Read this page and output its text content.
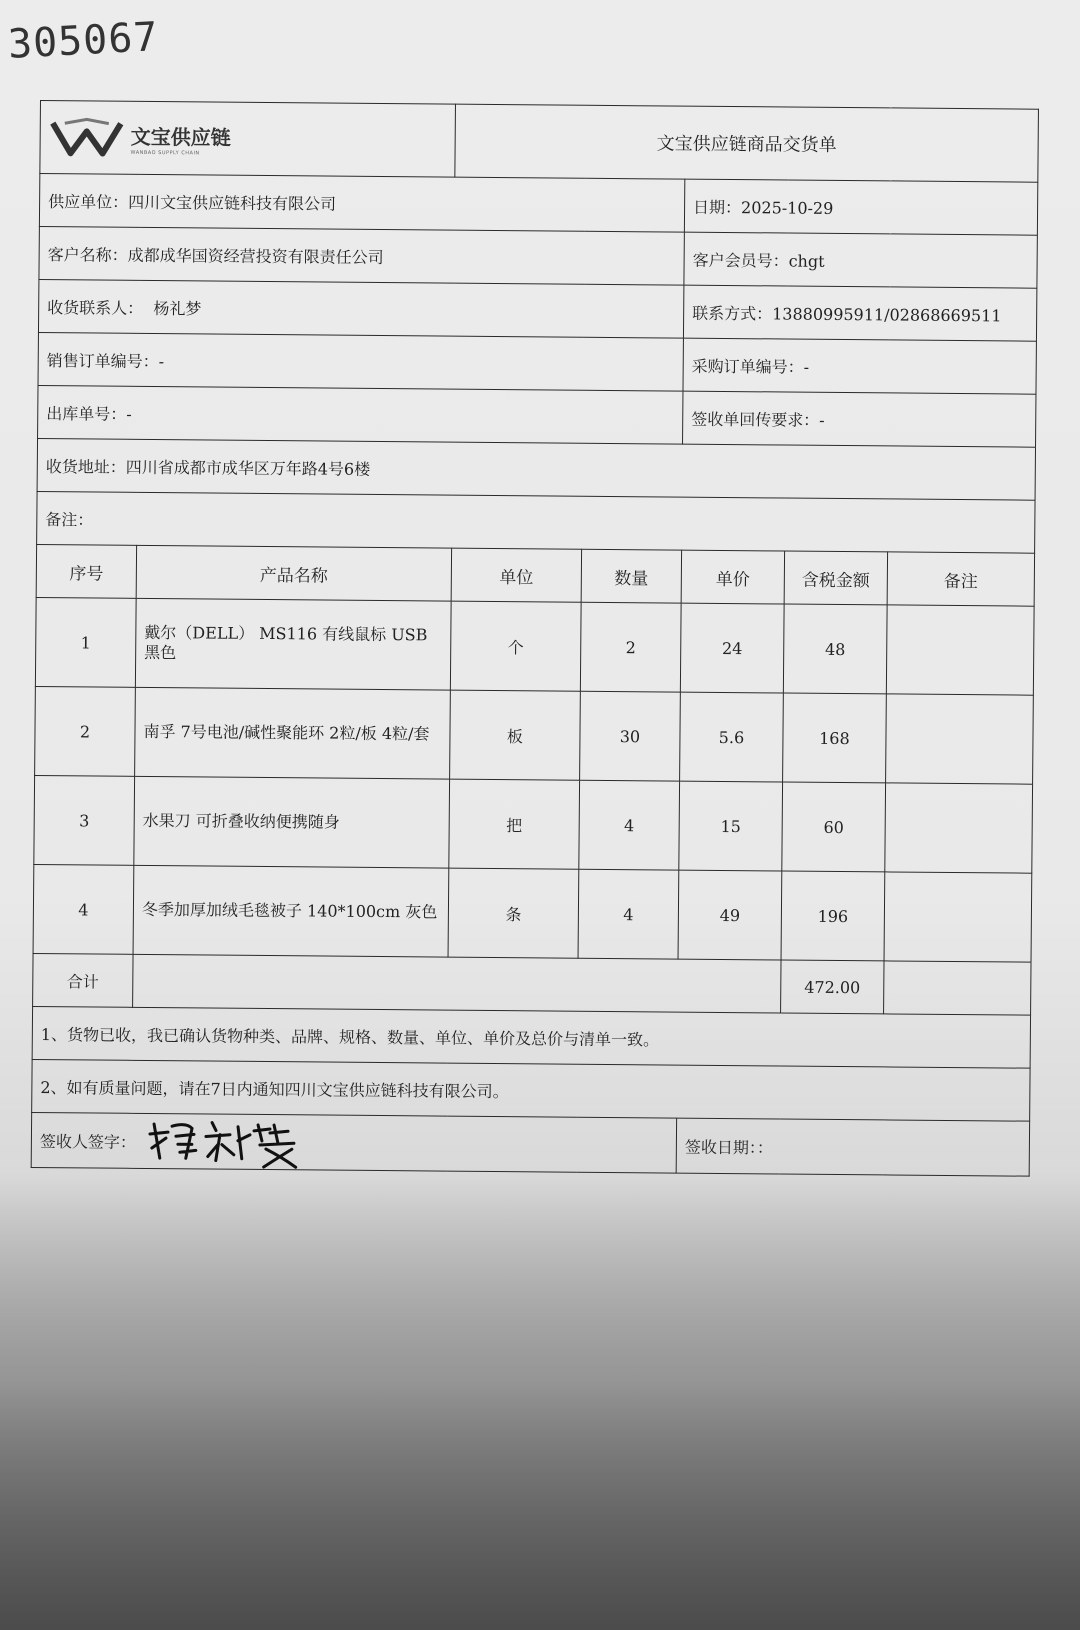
305067
文宝供应链
WANBAO SUPPLY CHAIN		文宝供应链商品交货单				
供应单位：四川文宝供应链科技有限公司				日期：2025-10-29		
客户名称：成都成华国资经营投资有限责任公司				客户会员号：chgt		
收货联系人： 杨礼梦				联系方式：13880995911/02868669511		
销售订单编号：-				采购订单编号：-		
出库单号：-				签收单回传要求：-		
收货地址：四川省成都市成华区万年路4号6楼						
备注：						
序号	产品名称	单位	数量	单价	含税金额	备注
1	戴尔（DELL） MS116 有线鼠标 USB 黑色	个	2	24	48	
2	南孚 7号电池/碱性聚能环 2粒/板 4粒/套	板	30	5.6	168	
3	水果刀 可折叠收纳便携随身	把	4	15	60	
4	冬季加厚加绒毛毯被子 140*100cm 灰色	条	4	49	196	
合计					472.00	
1、货物已收，我已确认货物种类、品牌、规格、数量、单位、单价及总价与清单一致。						
2、如有质量问题，请在7日内通知四川文宝供应链科技有限公司。						

签收人签字：				签收日期：：		
